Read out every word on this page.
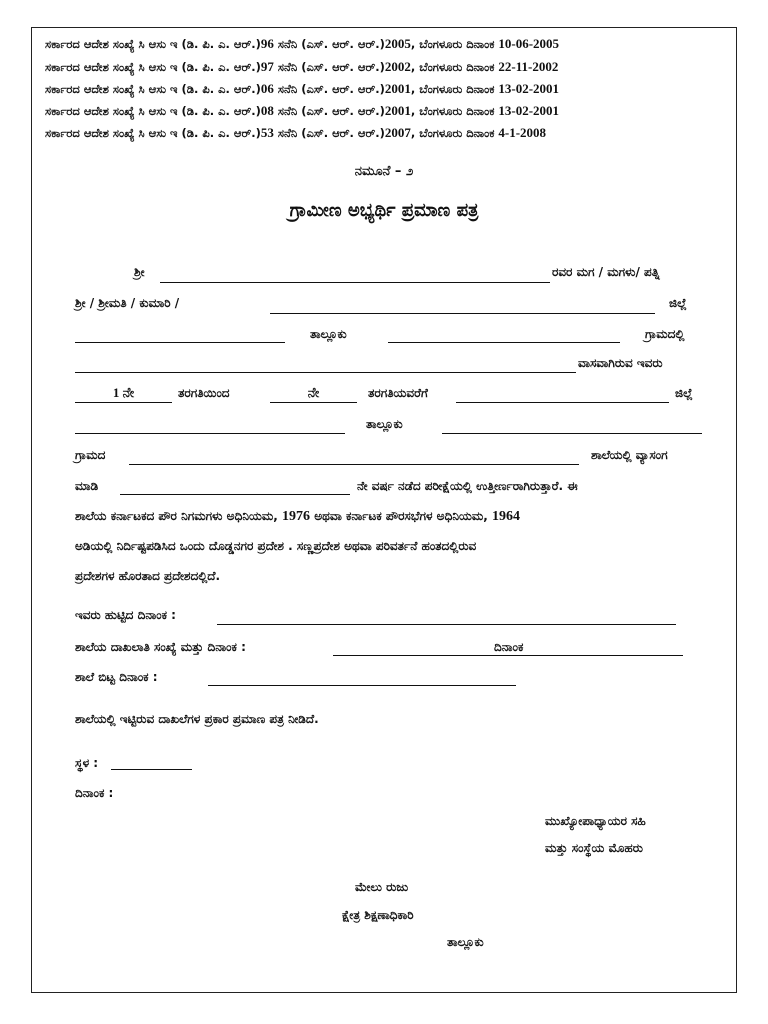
ಸರ್ಕಾರದ ಆದೇಶ ಸಂಖ್ಯೆ ಸಿ ಆಸು ಇ (ಡಿ. ಪಿ. ಎ. ಆರ್.)96 ಸನೆನಿ (ಎಸ್. ಆರ್. ಆರ್.)2005, ಬೆಂಗಳೂರು ದಿನಾಂಕ 10-06-2005
ಸರ್ಕಾರದ ಆದೇಶ ಸಂಖ್ಯೆ ಸಿ ಆಸು ಇ (ಡಿ. ಪಿ. ಎ. ಆರ್.)97 ಸನೆನಿ (ಎಸ್. ಆರ್. ಆರ್.)2002, ಬೆಂಗಳೂರು ದಿನಾಂಕ 22-11-2002
ಸರ್ಕಾರದ ಆದೇಶ ಸಂಖ್ಯೆ ಸಿ ಆಸು ಇ (ಡಿ. ಪಿ. ಎ. ಆರ್.)06 ಸನೆನಿ (ಎಸ್. ಆರ್. ಆರ್.)2001, ಬೆಂಗಳೂರು ದಿನಾಂಕ 13-02-2001
ಸರ್ಕಾರದ ಆದೇಶ ಸಂಖ್ಯೆ ಸಿ ಆಸು ಇ (ಡಿ. ಪಿ. ಎ. ಆರ್.)08 ಸನೆನಿ (ಎಸ್. ಆರ್. ಆರ್.)2001, ಬೆಂಗಳೂರು ದಿನಾಂಕ 13-02-2001
ಸರ್ಕಾರದ ಆದೇಶ ಸಂಖ್ಯೆ ಸಿ ಆಸು ಇ (ಡಿ. ಪಿ. ಎ. ಆರ್.)53 ಸನೆನಿ (ಎಸ್. ಆರ್. ಆರ್.)2007, ಬೆಂಗಳೂರು ದಿನಾಂಕ 4-1-2008
ನಮೂನೆ – ೨
ಗ್ರಾಮೀಣ ಅಭ್ಯರ್ಥಿ ಪ್ರಮಾಣ ಪತ್ರ
ಶ್ರೀ	ರವರ ಮಗ / ಮಗಳು/ ಪತ್ನಿ
ಶ್ರೀ / ಶ್ರೀಮತಿ / ಕುಮಾರಿ /	ಜಿಲ್ಲೆ
ತಾಲ್ಲೂಕು	ಗ್ರಾಮದಲ್ಲಿ
ವಾಸವಾಗಿರುವ ಇವರು
1 ನೇ	ತರಗತಿಯಿಂದ	ನೇ	ತರಗತಿಯವರೆಗೆ	ಜಿಲ್ಲೆ
ತಾಲ್ಲೂಕು
ಗ್ರಾಮದ	ಶಾಲೆಯಲ್ಲಿ ವ್ಯಾಸಂಗ
ಮಾಡಿ	ನೇ ವರ್ಷ ನಡೆದ ಪರೀಕ್ಷೆಯಲ್ಲಿ ಉತ್ತೀರ್ಣರಾಗಿರುತ್ತಾರೆ. ಈ
ಶಾಲೆಯ ಕರ್ನಾಟಕದ ಪೌರ ನಿಗಮಗಳು ಅಧಿನಿಯಮ, 1976 ಅಥವಾ ಕರ್ನಾಟಕ ಪೌರಸಭೆಗಳ ಅಧಿನಿಯಮ, 1964
ಅಡಿಯಲ್ಲಿ ನಿರ್ದಿಷ್ಟಪಡಿಸಿದ ಒಂದು ದೊಡ್ಡನಗರ ಪ್ರದೇಶ . ಸಣ್ಣಪ್ರದೇಶ ಅಥವಾ ಪರಿವರ್ತನೆ ಹಂತದಲ್ಲಿರುವ
ಪ್ರದೇಶಗಳ ಹೊರತಾದ ಪ್ರದೇಶದಲ್ಲಿದೆ.
ಇವರು ಹುಟ್ಟಿದ ದಿನಾಂಕ :
ಶಾಲೆಯ ದಾಖಲಾತಿ ಸಂಖ್ಯೆ ಮತ್ತು ದಿನಾಂಕ :	ದಿನಾಂಕ
ಶಾಲೆ ಬಿಟ್ಟ ದಿನಾಂಕ :
ಶಾಲೆಯಲ್ಲಿ ಇಟ್ಟಿರುವ ದಾಖಲೆಗಳ ಪ್ರಕಾರ ಪ್ರಮಾಣ ಪತ್ರ ನೀಡಿದೆ.
ಸ್ಥಳ :
ದಿನಾಂಕ :
ಮುಖ್ಯೋಪಾಧ್ಯಾಯರ ಸಹಿ
ಮತ್ತು ಸಂಸ್ಥೆಯ ಮೊಹರು
ಮೇಲು ರುಜು
ಕ್ಷೇತ್ರ ಶಿಕ್ಷಣಾಧಿಕಾರಿ
ತಾಲ್ಲೂಕು
